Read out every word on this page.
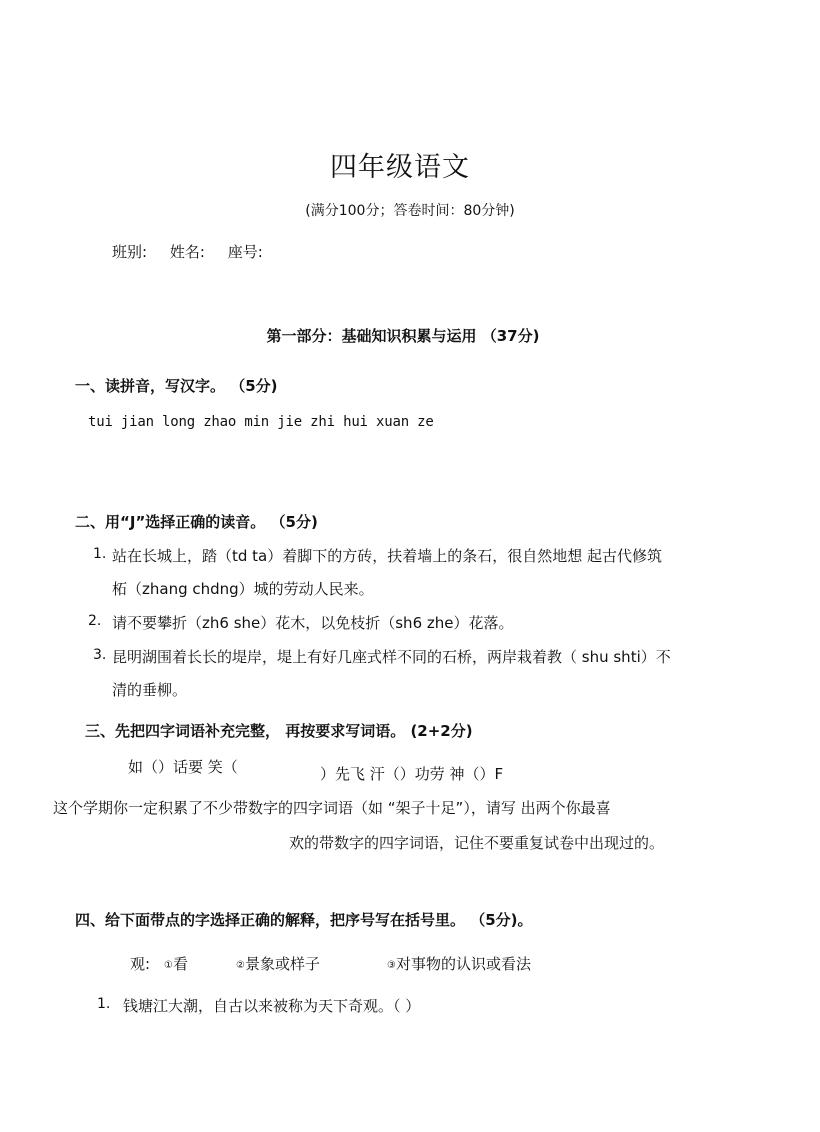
四年级语文
(满分100分；答卷时间：80分钟)
班别: 姓名: 座号:
第一部分：基础知识积累与运用 （37分)
一、读拼音，写汉字。 （5分)
tui jian long zhao min jie zhi hui xuan ze
二、用“J”选择正确的读音。 （5分)
1. 站在长城上，踏（td ta）着脚下的方砖，扶着墙上的条石，很自然地想 起古代修筑
柘（zhang chdng）城的劳动人民来。
2. 请不要攀折（zh6 she）花木，以免枝折（sh6 zhe）花落。
3. 昆明湖围着长长的堤岸，堤上有好几座式样不同的石桥，两岸栽着教（ shu shti）不
清的垂柳。
三、先把四字词语补充完整， 再按要求写词语。 (2+2分)
如（）话要 笑（	）先飞 汗（）功劳 神（）F
这个学期你一定积累了不少带数字的四字词语（如 “架子十足”），请写 出两个你最喜
欢的带数字的四字词语，记住不要重复试卷中出现过的。
四、给下面带点的字选择正确的解释，把序号写在括号里。 （5分)。
观: ①看	②景象或样子	③对事物的认识或看法
1. 钱塘江大潮，自古以来被称为天下奇观。（ ）
